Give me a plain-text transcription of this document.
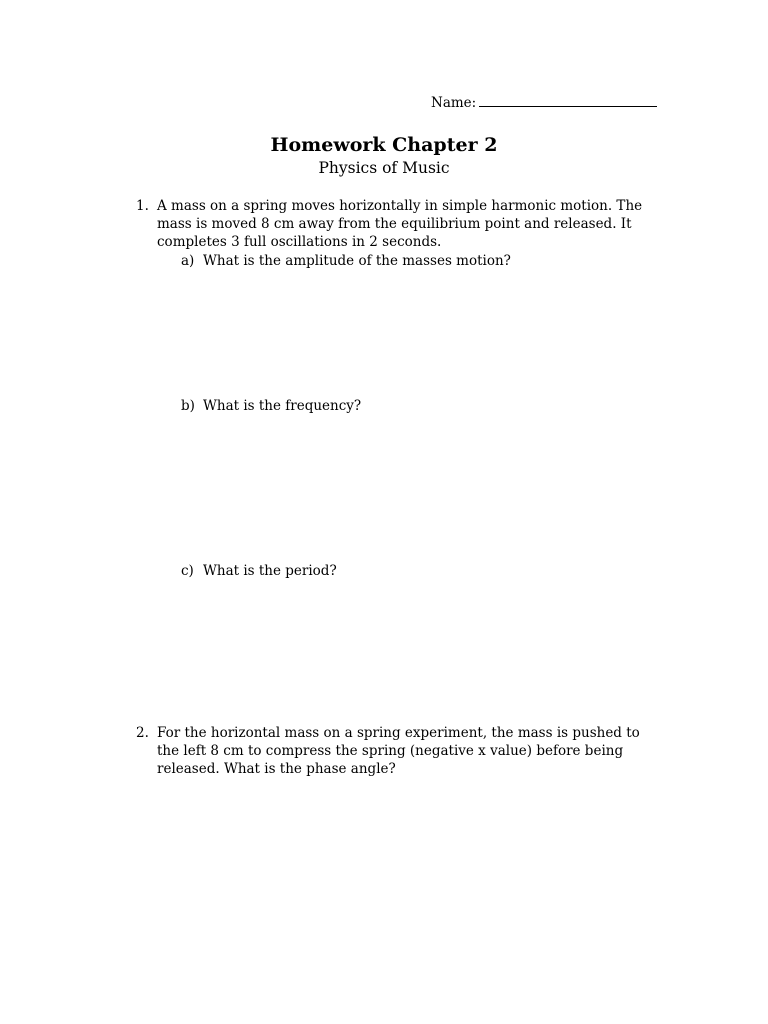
Name:
Homework Chapter 2
Physics of Music
1. A mass on a spring moves horizontally in simple harmonic motion. The mass is moved 8 cm away from the equilibrium point and released. It completes 3 full oscillations in 2 seconds.
a) What is the amplitude of the masses motion?
b) What is the frequency?
c) What is the period?
2. For the horizontal mass on a spring experiment, the mass is pushed to the left 8 cm to compress the spring (negative x value) before being released. What is the phase angle?
